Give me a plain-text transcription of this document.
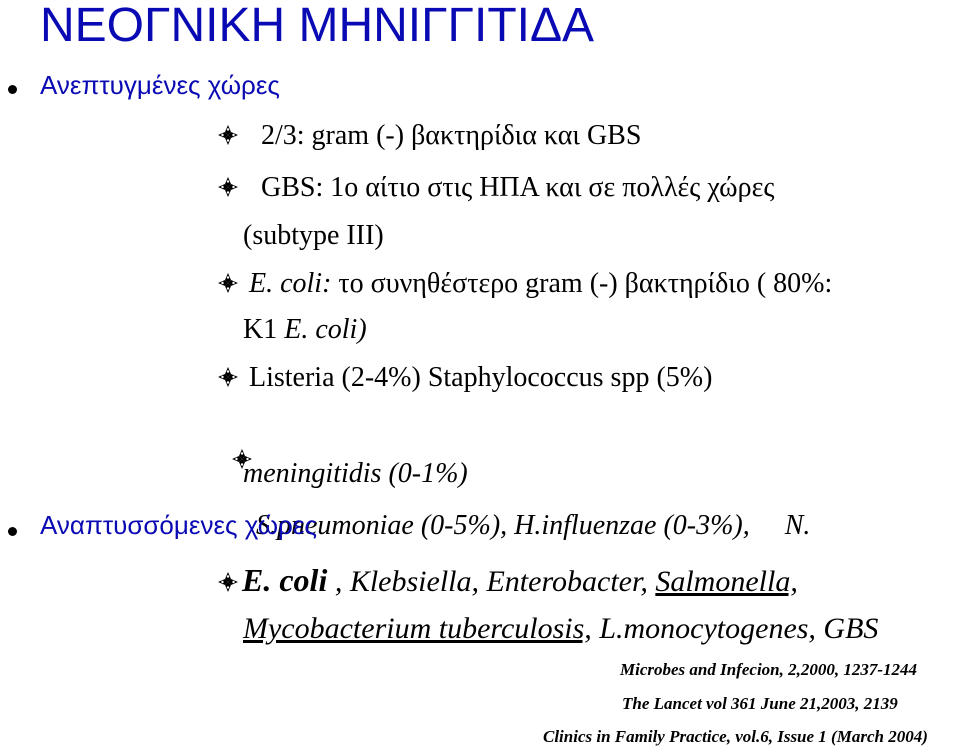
ΝΕΟΓΝΙΚΗ ΜΗΝΙΓΓΙΤΙΔΑ
Ανεπτυγμένες χώρες
2/3: gram (-) βακτηρίδια και GBS
GBS: 1ο αίτιο στις ΗΠΑ και σε πολλές χώρες
(subtype III)
E. coli: το συνηθέστερο gram (-) βακτηρίδιο ( 80%:
K1 E. coli)
Listeria (2-4%) Staphylococcus spp (5%)

S.pneumoniae (0-5%), H.influenzae (0-3%),     N.

meningitidis (0-1%)
Αναπτυσσόμενες χώρες
E. coli , Klebsiella, Enterobacter, Salmonella,
Mycobacterium tuberculosis, L.monocytogenes, GBS
Microbes and Infecion, 2,2000, 1237-1244
The Lancet vol 361 June 21,2003, 2139
Clinics in Family Practice, vol.6, Issue 1 (March 2004)
